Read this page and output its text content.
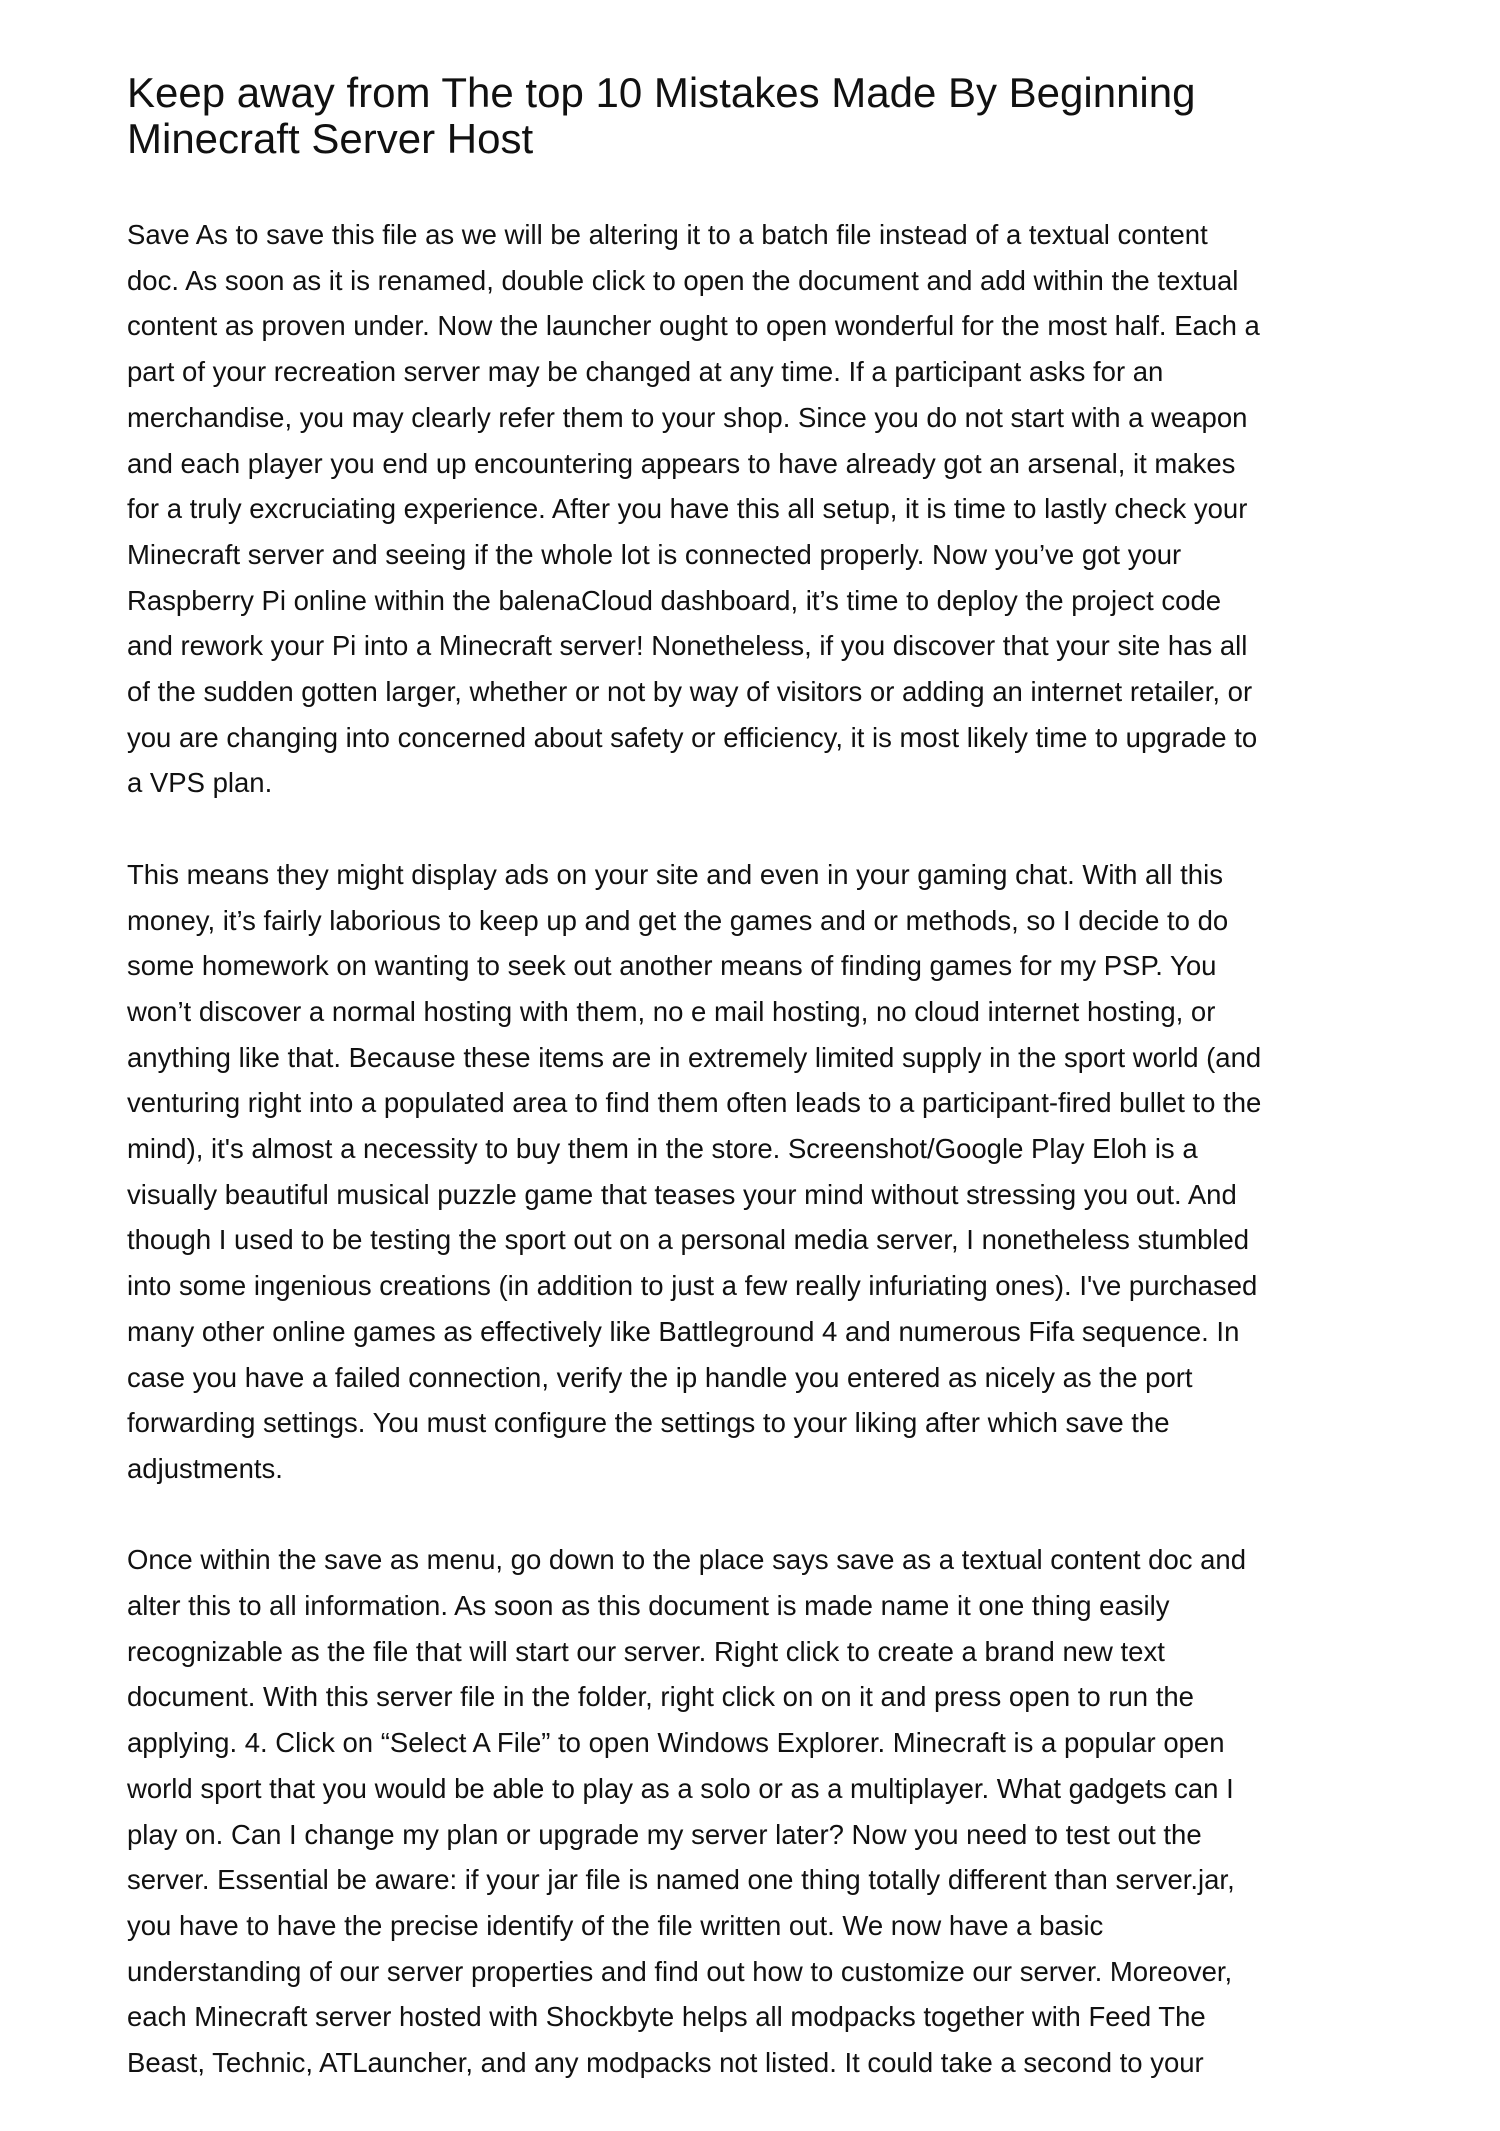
Keep away from The top 10 Mistakes Made By Beginning
Minecraft Server Host

Save As to save this file as we will be altering it to a batch file instead of a textual content
doc. As soon as it is renamed, double click to open the document and add within the textual
content as proven under. Now the launcher ought to open wonderful for the most half. Each a
part of your recreation server may be changed at any time. If a participant asks for an
merchandise, you may clearly refer them to your shop. Since you do not start with a weapon
and each player you end up encountering appears to have already got an arsenal, it makes
for a truly excruciating experience. After you have this all setup, it is time to lastly check your
Minecraft server and seeing if the whole lot is connected properly. Now you’ve got your
Raspberry Pi online within the balenaCloud dashboard, it’s time to deploy the project code
and rework your Pi into a Minecraft server! Nonetheless, if you discover that your site has all
of the sudden gotten larger, whether or not by way of visitors or adding an internet retailer, or
you are changing into concerned about safety or efficiency, it is most likely time to upgrade to
a VPS plan.

This means they might display ads on your site and even in your gaming chat. With all this
money, it’s fairly laborious to keep up and get the games and or methods, so I decide to do
some homework on wanting to seek out another means of finding games for my PSP. You
won’t discover a normal hosting with them, no e mail hosting, no cloud internet hosting, or
anything like that. Because these items are in extremely limited supply in the sport world (and
venturing right into a populated area to find them often leads to a participant-fired bullet to the
mind), it's almost a necessity to buy them in the store. Screenshot/Google Play Eloh is a
visually beautiful musical puzzle game that teases your mind without stressing you out. And
though I used to be testing the sport out on a personal media server, I nonetheless stumbled
into some ingenious creations (in addition to just a few really infuriating ones). I've purchased
many other online games as effectively like Battleground 4 and numerous Fifa sequence. In
case you have a failed connection, verify the ip handle you entered as nicely as the port
forwarding settings. You must configure the settings to your liking after which save the
adjustments.

Once within the save as menu, go down to the place says save as a textual content doc and
alter this to all information. As soon as this document is made name it one thing easily
recognizable as the file that will start our server. Right click to create a brand new text
document. With this server file in the folder, right click on on it and press open to run the
applying. 4. Click on “Select A File” to open Windows Explorer. Minecraft is a popular open
world sport that you would be able to play as a solo or as a multiplayer. What gadgets can I
play on. Can I change my plan or upgrade my server later? Now you need to test out the
server. Essential be aware: if your jar file is named one thing totally different than server.jar,
you have to have the precise identify of the file written out. We now have a basic
understanding of our server properties and find out how to customize our server. Moreover,
each Minecraft server hosted with Shockbyte helps all modpacks together with Feed The
Beast, Technic, ATLauncher, and any modpacks not listed. It could take a second to your
